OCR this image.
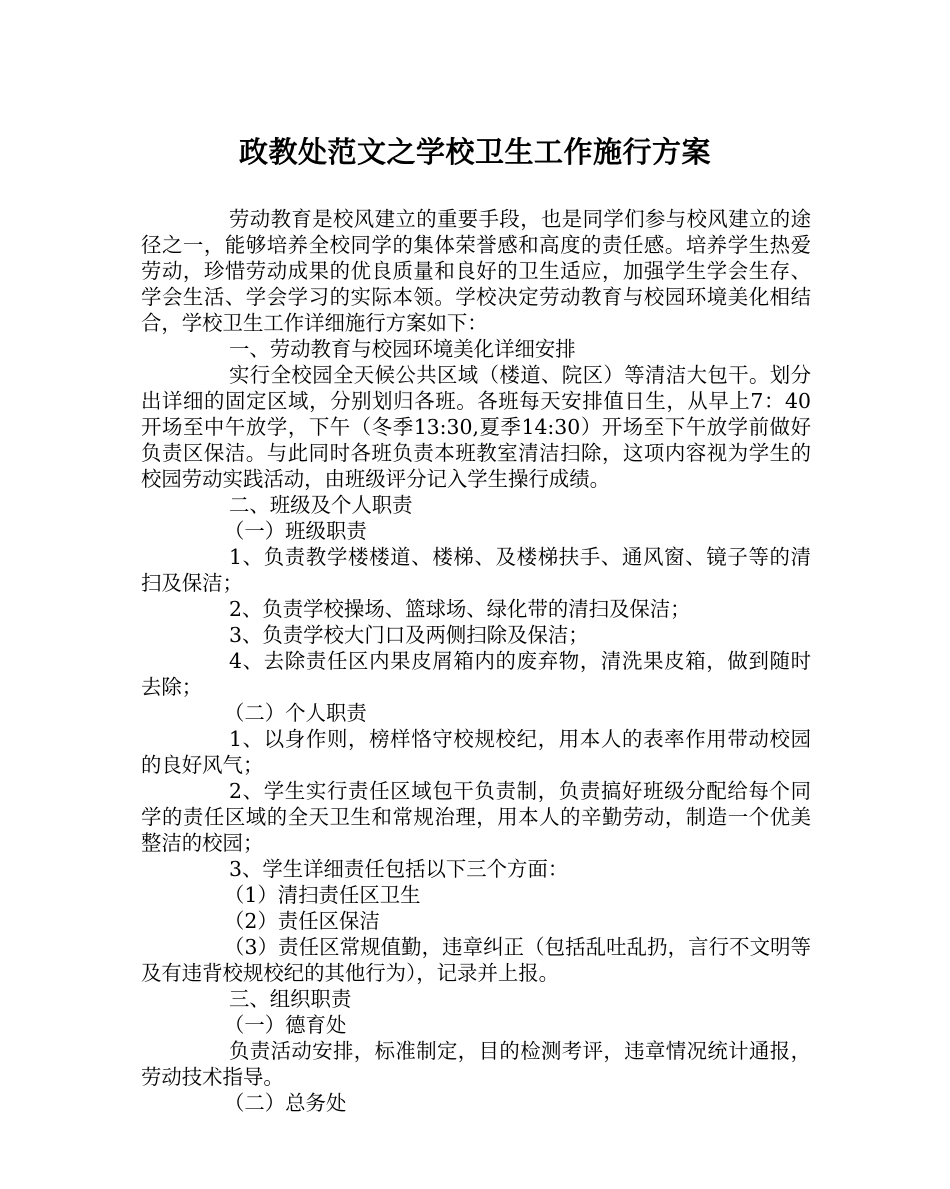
政教处范文之学校卫生工作施行方案

劳动教育是校风建立的重要手段，也是同学们参与校风建立的途径之一，能够培养全校同学的集体荣誉感和高度的责任感。培养学生热爱劳动，珍惜劳动成果的优良质量和良好的卫生适应，加强学生学会生存、学会生活、学会学习的实际本领。学校决定劳动教育与校园环境美化相结合，学校卫生工作详细施行方案如下：

一、劳动教育与校园环境美化详细安排

实行全校园全天候公共区域（楼道、院区）等清洁大包干。划分出详细的固定区域，分别划归各班。各班每天安排值日生，从早上7：40开场至中午放学，下午（冬季13:30,夏季14:30）开场至下午放学前做好负责区保洁。与此同时各班负责本班教室清洁扫除，这项内容视为学生的校园劳动实践活动，由班级评分记入学生操行成绩。

二、班级及个人职责

（一）班级职责

1、负责教学楼楼道、楼梯、及楼梯扶手、通风窗、镜子等的清扫及保洁；

2、负责学校操场、篮球场、绿化带的清扫及保洁；

3、负责学校大门口及两侧扫除及保洁；

4、去除责任区内果皮屑箱内的废弃物，清洗果皮箱，做到随时去除；

（二）个人职责

1、以身作则，榜样恪守校规校纪，用本人的表率作用带动校园的良好风气；

2、学生实行责任区域包干负责制，负责搞好班级分配给每个同学的责任区域的全天卫生和常规治理，用本人的辛勤劳动，制造一个优美整洁的校园；

3、学生详细责任包括以下三个方面：

（1）清扫责任区卫生

（2）责任区保洁

（3）责任区常规值勤，违章纠正（包括乱吐乱扔，言行不文明等及有违背校规校纪的其他行为），记录并上报。

三、组织职责

（一）德育处

负责活动安排，标准制定，目的检测考评，违章情况统计通报，劳动技术指导。

（二）总务处
